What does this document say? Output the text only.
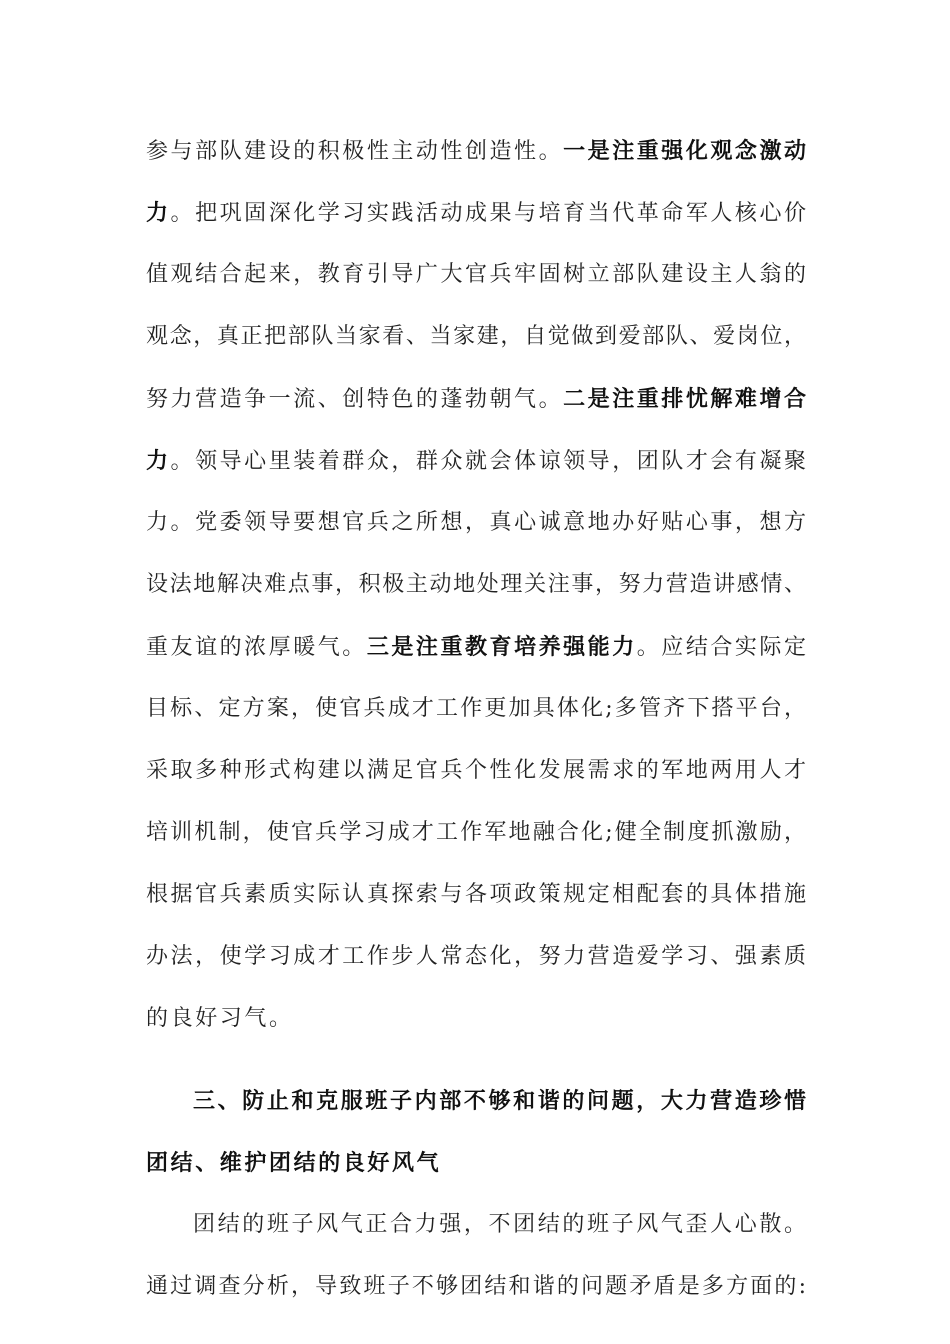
参与部队建设的积极性主动性创造性。一是注重强化观念激动
力。把巩固深化学习实践活动成果与培育当代革命军人核心价
值观结合起来，教育引导广大官兵牢固树立部队建设主人翁的
观念，真正把部队当家看、当家建，自觉做到爱部队、爱岗位，
努力营造争一流、创特色的蓬勃朝气。二是注重排忧解难增合
力。领导心里装着群众，群众就会体谅领导，团队才会有凝聚
力。党委领导要想官兵之所想，真心诚意地办好贴心事，想方
设法地解决难点事，积极主动地处理关注事，努力营造讲感情、
重友谊的浓厚暖气。三是注重教育培养强能力。应结合实际定
目标、定方案，使官兵成才工作更加具体化;多管齐下搭平台，
采取多种形式构建以满足官兵个性化发展需求的军地两用人才
培训机制，使官兵学习成才工作军地融合化;健全制度抓激励，
根据官兵素质实际认真探索与各项政策规定相配套的具体措施
办法，使学习成才工作步人常态化，努力营造爱学习、强素质
的良好习气。
三、防止和克服班子内部不够和谐的问题，大力营造珍惜
团结、维护团结的良好风气
团结的班子风气正合力强，不团结的班子风气歪人心散。
通过调查分析，导致班子不够团结和谐的问题矛盾是多方面的:
